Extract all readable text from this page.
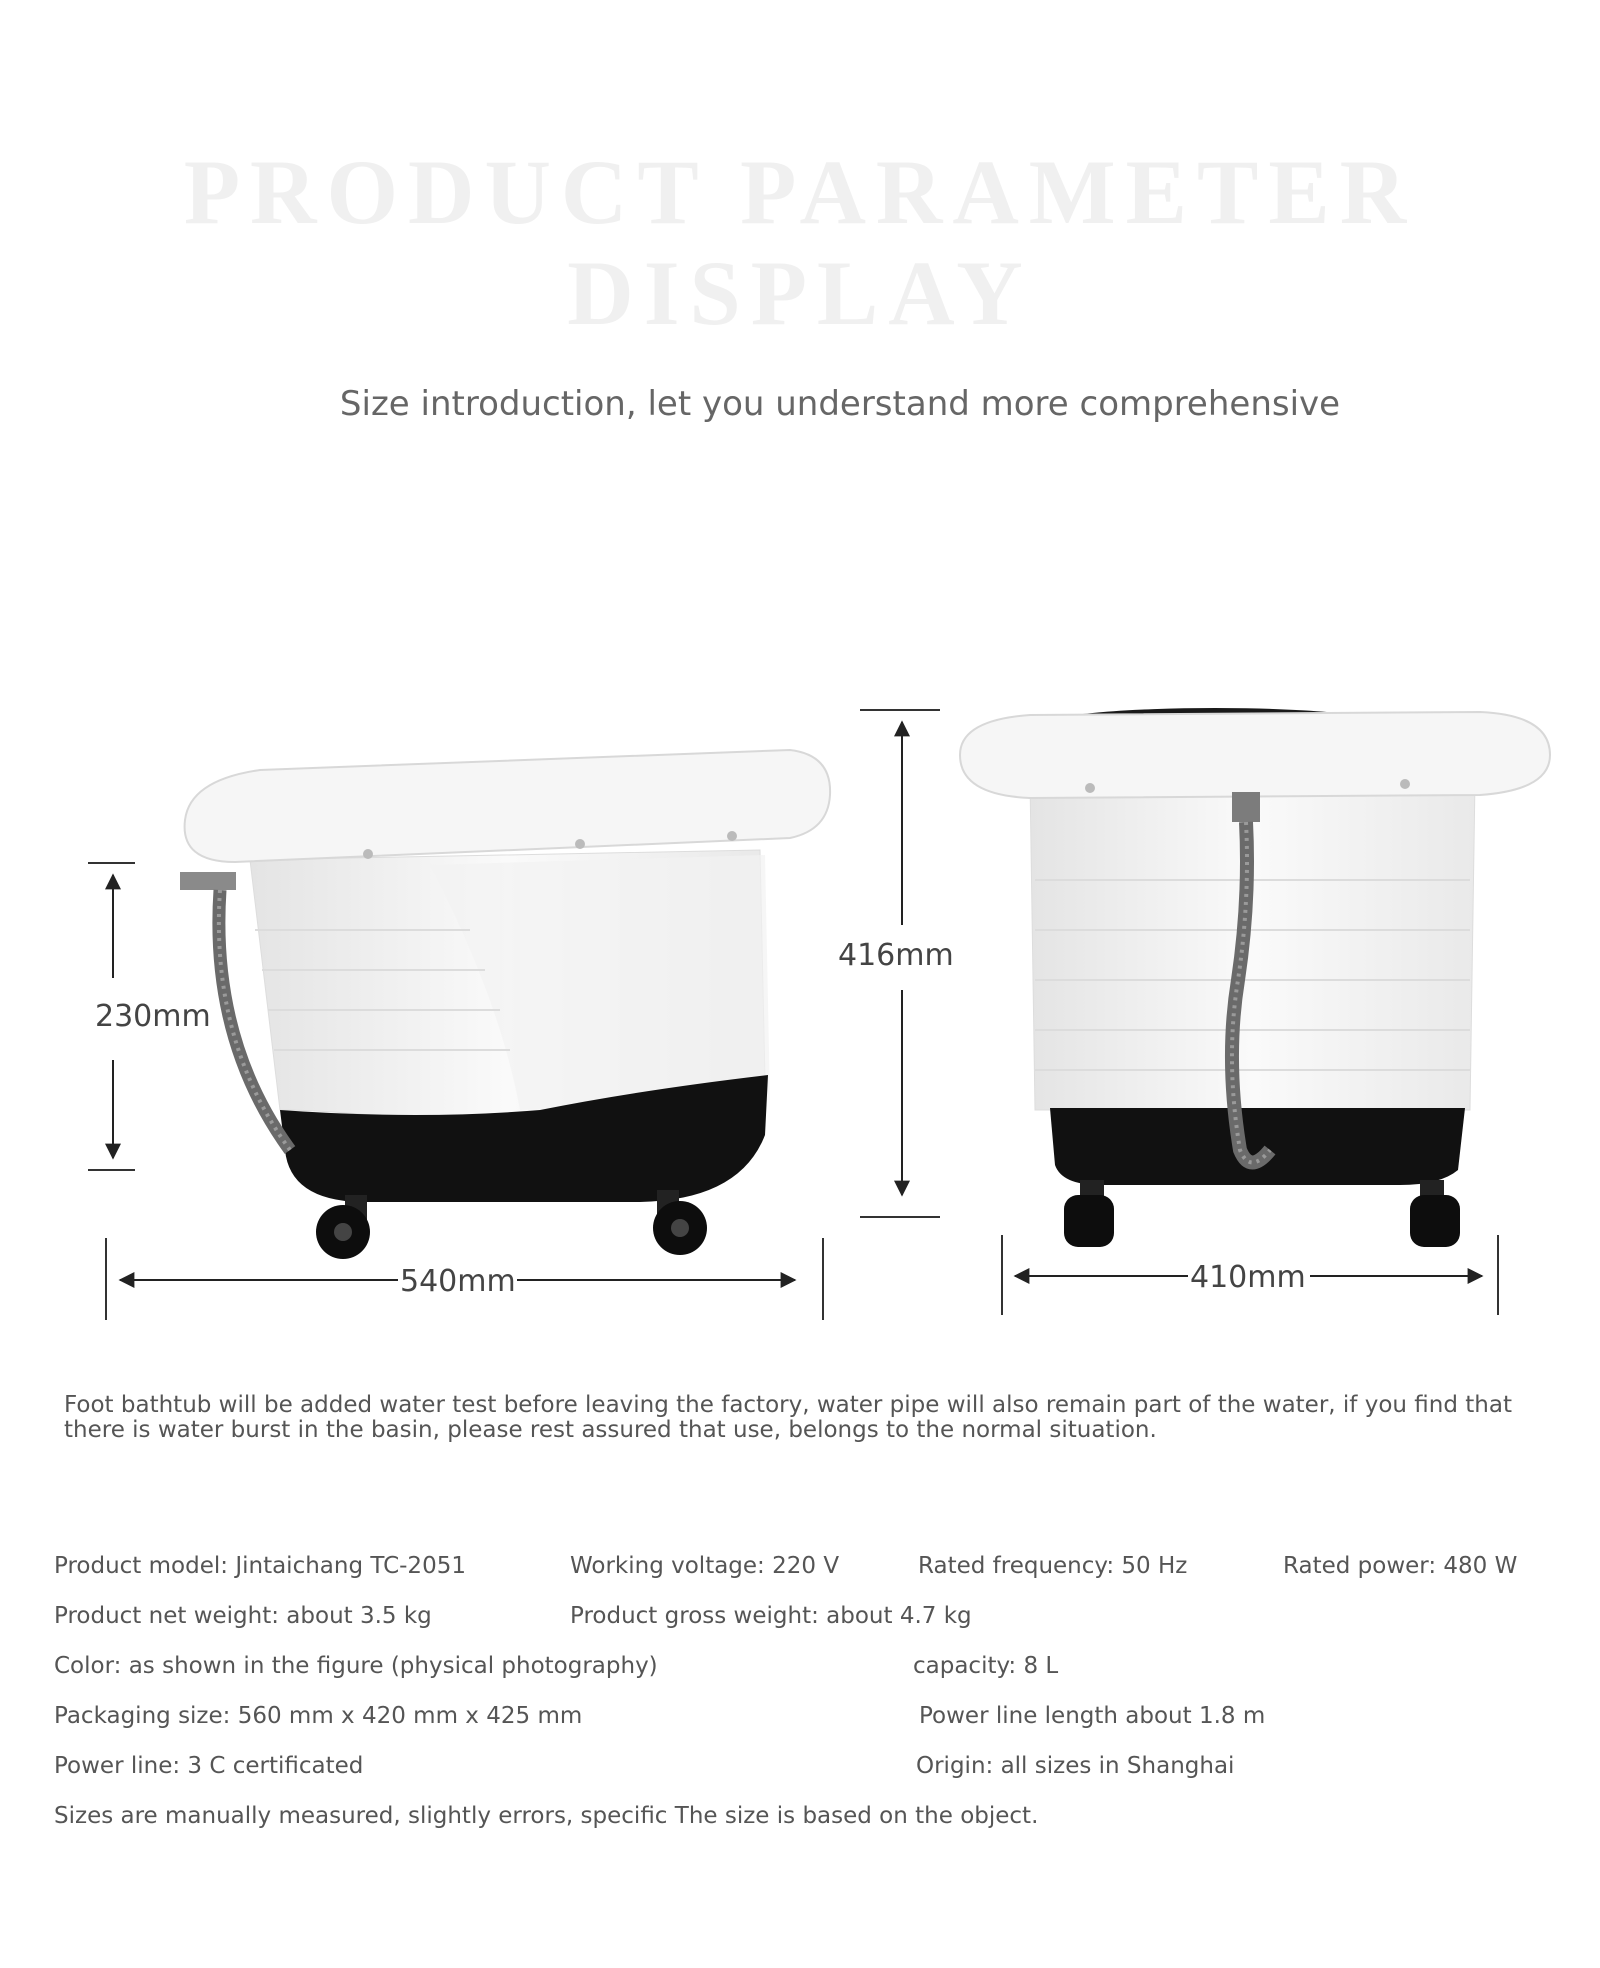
PRODUCT PARAMETER
DISPLAY
Size introduction, let you understand more comprehensive
230mm
540mm
416mm
410mm
Foot bathtub will be added water test before leaving the factory, water pipe will also remain part of the water, if you find that there is water burst in the basin, please rest assured that use, belongs to the normal situation.
Product model: Jintaichang TC-2051	Working voltage: 220 V	Rated frequency: 50 Hz	Rated power: 480 W
Product net weight: about 3.5 kg	Product gross weight: about 4.7 kg
Color: as shown in the figure (physical photography)	capacity: 8 L
Packaging size: 560 mm x 420 mm x 425 mm	Power line length about 1.8 m
Power line: 3 C certificated	Origin: all sizes in Shanghai
Sizes are manually measured, slightly errors, specific The size is based on the object.
